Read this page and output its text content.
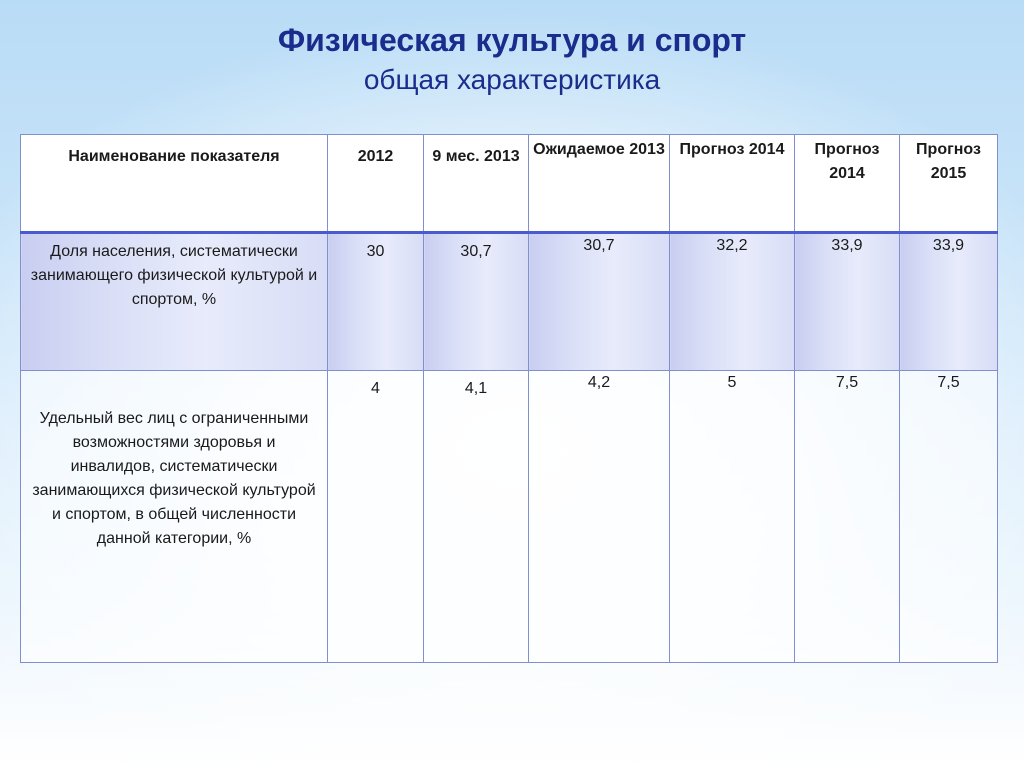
Физическая культура и спорт
общая характеристика
Наименование показателя	2012	9 мес. 2013	Ожидаемое 2013	Прогноз 2014	Прогноз 2014	Прогноз 2015
Доля населения, систематически занимающего физической культурой и спортом, %	30	30,7	30,7	32,2	33,9	33,9
Удельный вес лиц с ограниченными возможностями здоровья и инвалидов, систематически занимающихся физической культурой и спортом, в общей численности данной категории, %	4	4,1	4,2	5	7,5	7,5
